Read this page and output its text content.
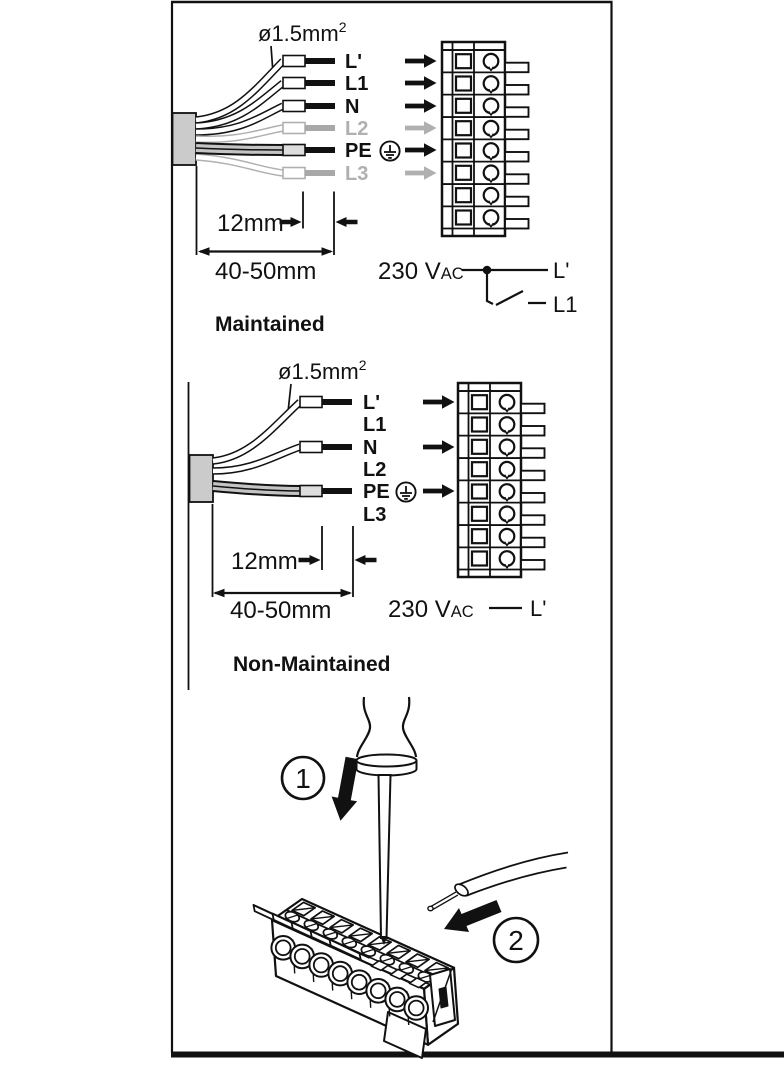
$ø1.5mm^2$
L'
L1
N
L2
PE
L3
12mm
40-50mm	230 VAC	L'
L1
Maintained
$ø1.5mm^2$
L'
L1
N
L2
PE
L3
12mm
40-50mm 230 VAC	L'
Non-Maintained
1
2
